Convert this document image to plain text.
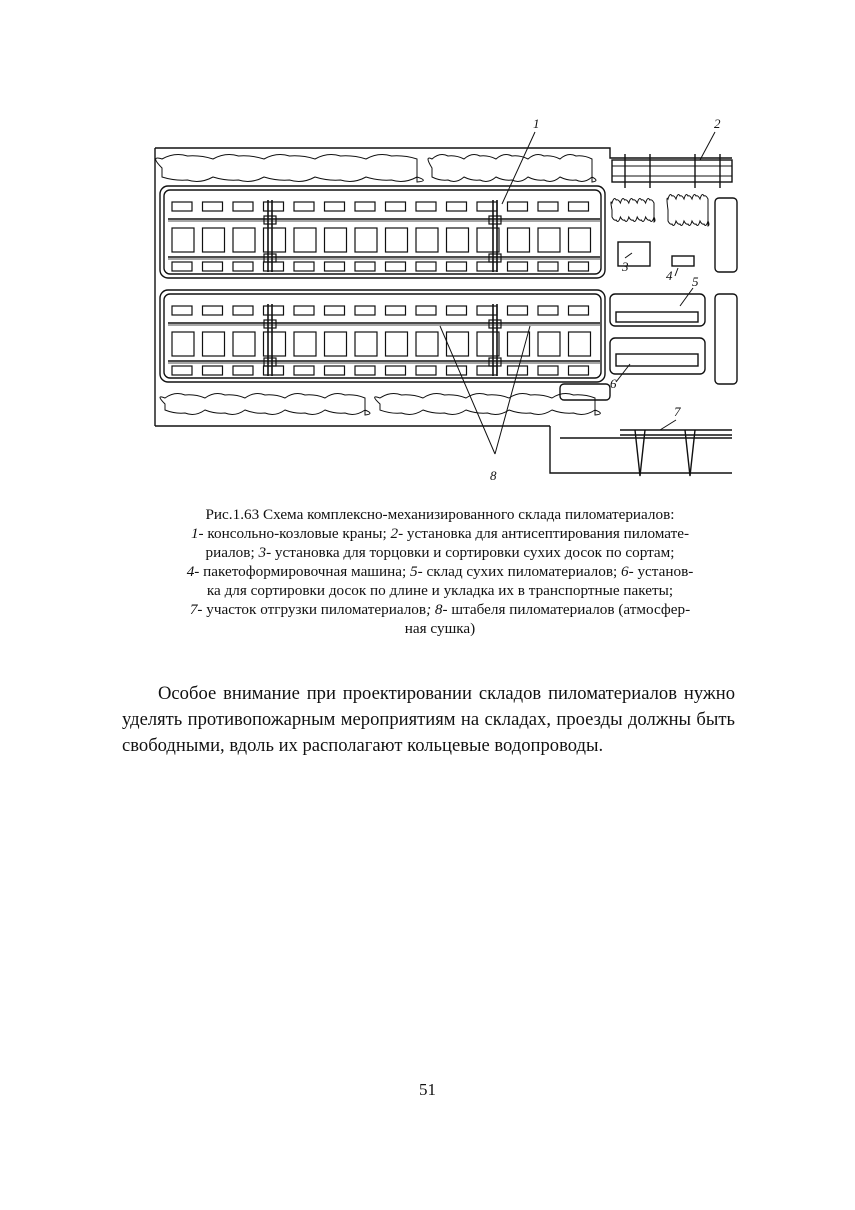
1	2
3
4 5
6
7
8
Рис.1.63 Схема комплексно-механизированного склада пиломатериалов:
1- консольно-козловые краны; 2- установка для антисептирования пиломате-
риалов; 3- установка для торцовки и сортировки сухих досок по сортам;
4- пакетоформировочная машина; 5- склад сухих пиломатериалов; 6- установ-
ка для сортировки досок по длине и укладка их в транспортные пакеты;
7- участок отгрузки пиломатериалов; 8- штабеля пиломатериалов (атмосфер-
ная сушка)

Особое внимание при проектировании складов пиломатериалов нужно уделять противопожарным мероприятиям на складах, проезды должны быть свободными, вдоль их располагают кольцевые водопроводы.

51
